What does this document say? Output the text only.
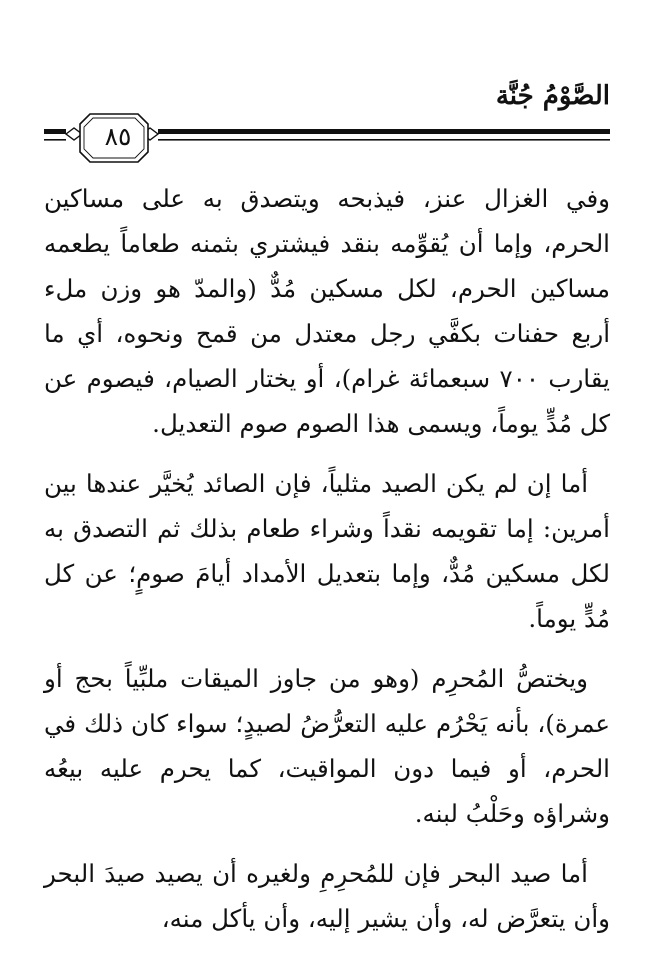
الصَّوْمُ جُنَّة
٨٥

وفي الغزال عنز، فيذبحه ويتصدق به على مساكين الحرم، وإما أن يُقوِّمه بنقد فيشتري بثمنه طعاماً يطعمه مساكين الحرم، لكل مسكين مُدٌّ (والمدّ هو وزن ملء أربع حفنات بكفَّي رجل معتدل من قمح ونحوه، أي ما يقارب ٧٠٠ سبعمائة غرام)، أو يختار الصيام، فيصوم عن كل مُدٍّ يوماً، ويسمى هذا الصوم صوم التعديل.

أما إن لم يكن الصيد مثلياً، فإن الصائد يُخيَّر عندها بين أمرين: إما تقويمه نقداً وشراء طعام بذلك ثم التصدق به لكل مسكين مُدٌّ، وإما بتعديل الأمداد أيامَ صومٍ؛ عن كل مُدٍّ يوماً.

ويختصُّ المُحرِم (وهو من جاوز الميقات ملبِّياً بحج أو عمرة)، بأنه يَحْرُم عليه التعرُّضُ لصيدٍ؛ سواء كان ذلك في الحرم، أو فيما دون المواقيت، كما يحرم عليه بيعُه وشراؤه وحَلْبُ لبنه.

أما صيد البحر فإن للمُحرِمِ ولغيره أن يصيد صيدَ البحر وأن يتعرَّض له، وأن يشير إليه، وأن يأكل منه،
